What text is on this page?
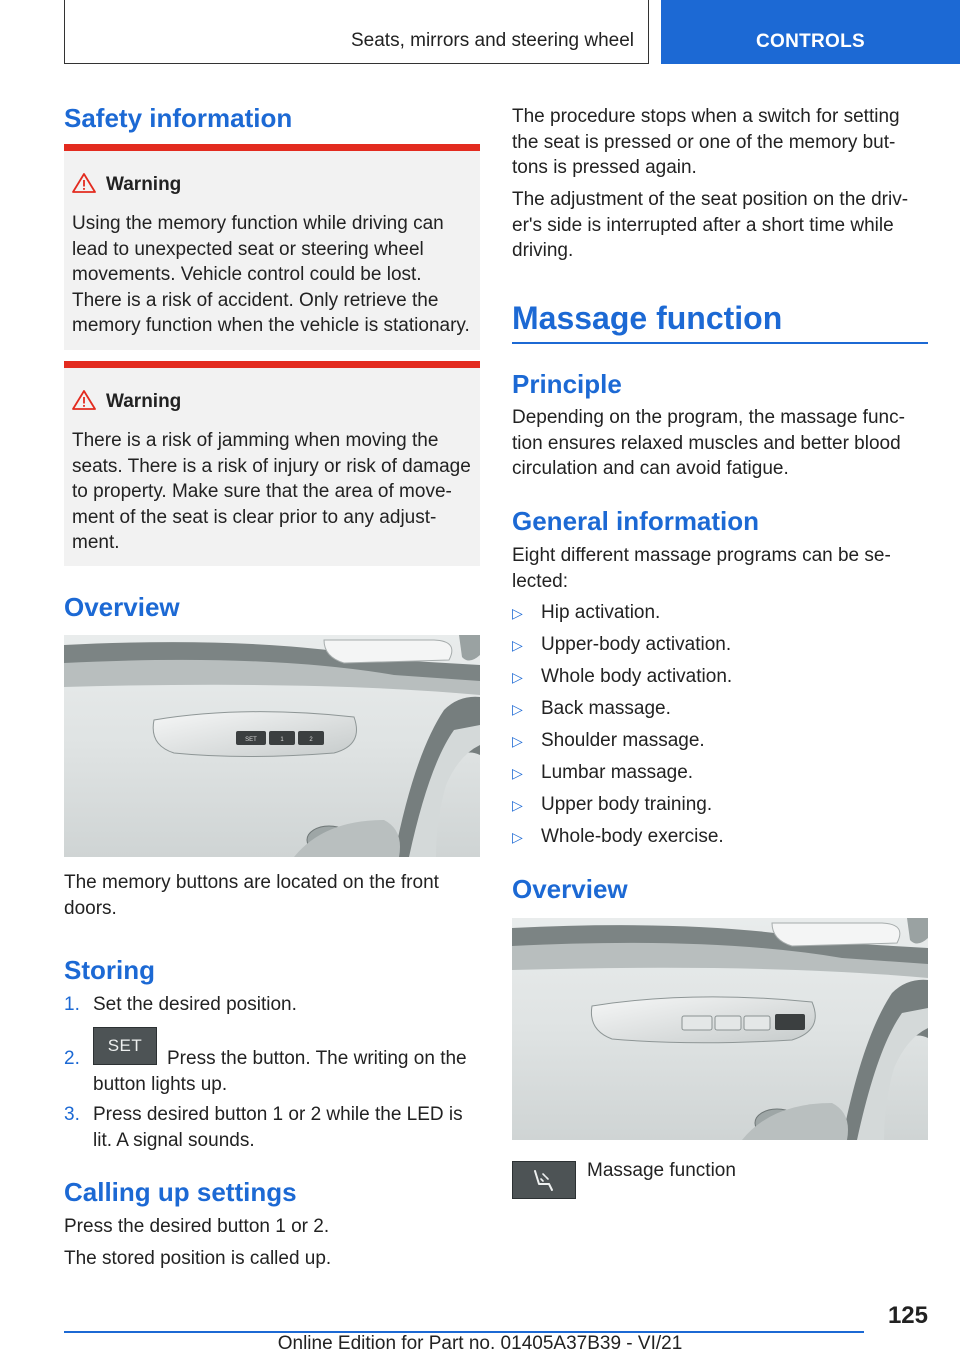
Seats, mirrors and steering wheel	CONTROLS
Safety information
Warning
Using the memory function while driving can lead to unexpected seat or steering wheel movements. Vehicle control could be lost. There is a risk of accident. Only retrieve the memory function when the vehicle is stationary.
Warning
There is a risk of jamming when moving the seats. There is a risk of injury or risk of damage to property. Make sure that the area of move-ment of the seat is clear prior to any adjust-ment.
Overview
SET	1	2

The memory buttons are located on the front doors.

Storing
1. Set the desired position.
SET
2.	Press the button. The writing on the button lights up.
3. Press desired button 1 or 2 while the LED is lit. A signal sounds.
Calling up settings

Press the desired button 1 or 2.

The stored position is called up.

The procedure stops when a switch for setting the seat is pressed or one of the memory but-tons is pressed again.

The adjustment of the seat position on the driv-er's side is interrupted after a short time while driving.

Massage function
Principle

Depending on the program, the massage func-tion ensures relaxed muscles and better blood circulation and can avoid fatigue.

General information

Eight different massage programs can be se-lected:

▷ Hip activation.
▷ Upper-body activation.
▷ Whole body activation.
▷ Back massage.
▷ Shoulder massage.
▷ Lumbar massage.
▷ Upper body training.
▷ Whole-body exercise.
Overview

Massage function

125
Online Edition for Part no. 01405A37B39 - VI/21
